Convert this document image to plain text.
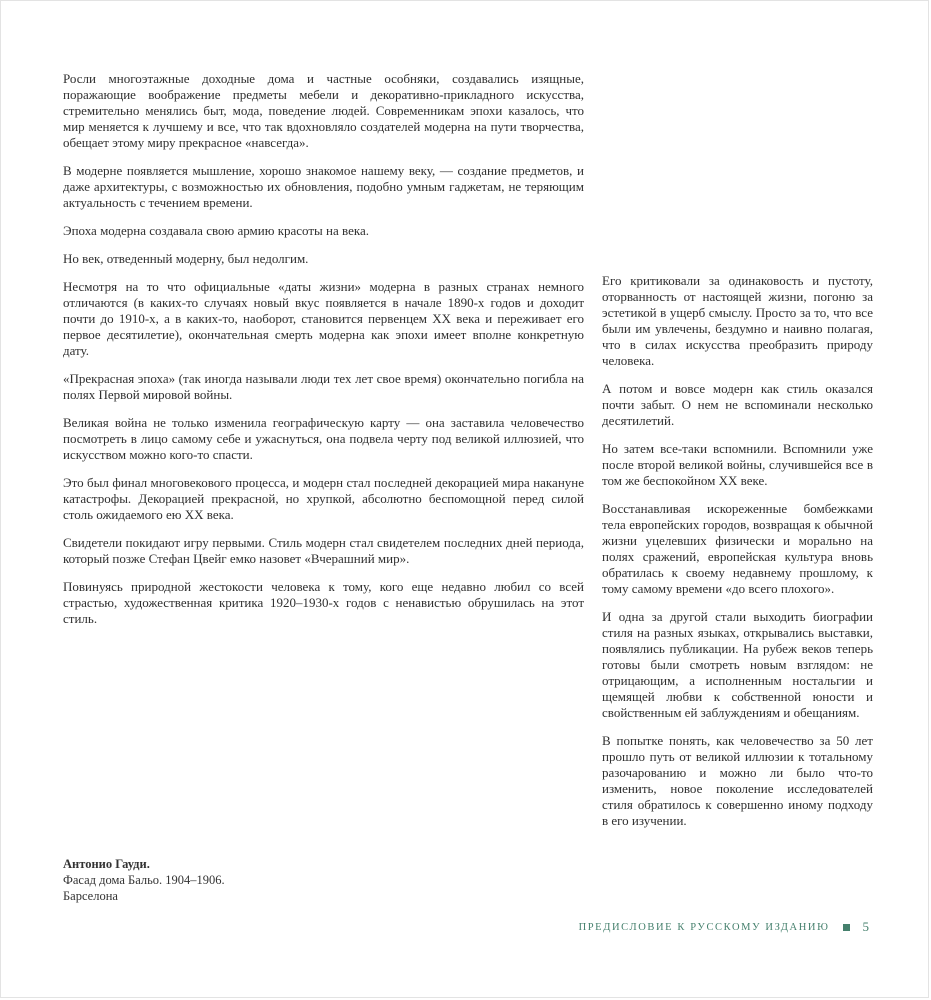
Росли многоэтажные доходные дома и частные особняки, создавались изящные, поражающие воображение предметы мебели и декоративно-прикладного искусства, стремительно менялись быт, мода, поведение людей. Современникам эпохи казалось, что мир меняется к лучшему и все, что так вдохновляло создателей модерна на пути творчества, обещает этому миру прекрасное «навсегда».

В модерне появляется мышление, хорошо знакомое нашему веку, — создание предметов, и даже архитектуры, с возможностью их обновления, подобно умным гаджетам, не теряющим актуальность с течением времени.

Эпоха модерна создавала свою армию красоты на века.

Но век, отведенный модерну, был недолгим.

Несмотря на то что официальные «даты жизни» модерна в разных странах немного отличаются (в каких-то случаях новый вкус появляется в начале 1890-х годов и доходит почти до 1910-х, а в каких-то, наоборот, становится первенцем XX века и переживает его первое десятилетие), окончательная смерть модерна как эпохи имеет вполне конкретную дату.

«Прекрасная эпоха» (так иногда называли люди тех лет свое время) окончательно погибла на полях Первой мировой войны.

Великая война не только изменила географическую карту — она заставила человечество посмотреть в лицо самому себе и ужаснуться, она подвела черту под великой иллюзией, что искусством можно кого-то спасти.

Это был финал многовекового процесса, и модерн стал последней декорацией мира накануне катастрофы. Декорацией прекрасной, но хрупкой, абсолютно беспомощной перед силой столь ожидаемого ею XX века.

Свидетели покидают игру первыми. Стиль модерн стал свидетелем последних дней периода, который позже Стефан Цвейг емко назовет «Вчерашний мир».

Повинуясь природной жестокости человека к тому, кого еще недавно любил со всей страстью, художественная критика 1920–1930-х годов с ненавистью обрушилась на этот стиль.

Его критиковали за одинаковость и пустоту, оторванность от настоящей жизни, погоню за эстетикой в ущерб смыслу. Просто за то, что все были им увлечены, бездумно и наивно полагая, что в силах искусства преобразить природу человека.

А потом и вовсе модерн как стиль оказался почти забыт. О нем не вспоминали несколько десятилетий.

Но затем все-таки вспомнили. Вспомнили уже после второй великой войны, случившейся все в том же беспокойном XX веке.

Восстанавливая искореженные бомбежками тела европейских городов, возвращая к обычной жизни уцелевших физически и морально на полях сражений, европейская культура вновь обратилась к своему недавнему прошлому, к тому самому времени «до всего плохого».

И одна за другой стали выходить биографии стиля на разных языках, открывались выставки, появлялись публикации. На рубеж веков теперь готовы были смотреть новым взглядом: не отрицающим, а исполненным ностальгии и щемящей любви к собственной юности и свойственным ей заблуждениям и обещаниям.

В попытке понять, как человечество за 50 лет прошло путь от великой иллюзии к тотальному разочарованию и можно ли было что-то изменить, новое поколение исследователей стиля обратилось к совершенно иному подходу в его изучении.

Антонио Гауди.
Фасад дома Бальо. 1904–1906.
Барселона
ПРЕДИСЛОВИЕ К РУССКОМУ ИЗДАНИЮ	5
